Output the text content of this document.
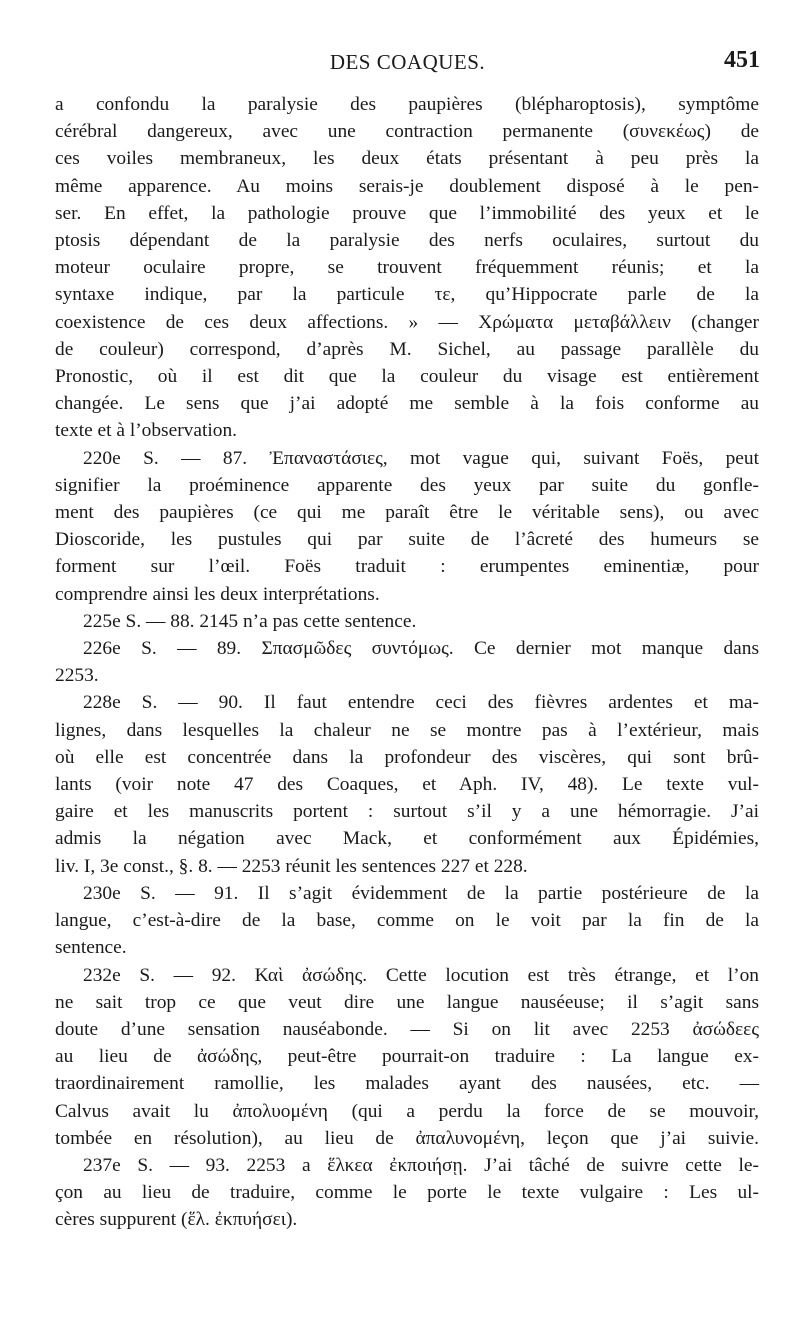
DES COAQUES.	451
a confondu la paralysie des paupières (blépharoptosis), symptôme
cérébral dangereux, avec une contraction permanente (συνεκέως) de
ces voiles membraneux, les deux états présentant à peu près la
même apparence. Au moins serais-je doublement disposé à le pen-
ser. En effet, la pathologie prouve que l’immobilité des yeux et le
ptosis dépendant de la paralysie des nerfs oculaires, surtout du
moteur oculaire propre, se trouvent fréquemment réunis; et la
syntaxe indique, par la particule τε, qu’Hippocrate parle de la
coexistence de ces deux affections. » — Χρώματα μεταβάλλειν (changer
de couleur) correspond, d’après M. Sichel, au passage parallèle du
Pronostic, où il est dit que la couleur du visage est entièrement
changée. Le sens que j’ai adopté me semble à la fois conforme au
texte et à l’observation.
220e S. — 87. Ἐπαναστάσιες, mot vague qui, suivant Foës, peut
signifier la proéminence apparente des yeux par suite du gonfle-
ment des paupières (ce qui me paraît être le véritable sens), ou avec
Dioscoride, les pustules qui par suite de l’âcreté des humeurs se
forment sur l’œil. Foës traduit : erumpentes eminentiæ, pour
comprendre ainsi les deux interprétations.
225e S. — 88. 2145 n’a pas cette sentence.
226e S. — 89. Σπασμῶδες συντόμως. Ce dernier mot manque dans
2253.
228e S. — 90. Il faut entendre ceci des fièvres ardentes et ma-
lignes, dans lesquelles la chaleur ne se montre pas à l’extérieur, mais
où elle est concentrée dans la profondeur des viscères, qui sont brû-
lants (voir note 47 des Coaques, et Aph. IV, 48). Le texte vul-
gaire et les manuscrits portent : surtout s’il y a une hémorragie. J’ai
admis la négation avec Mack, et conformément aux Épidémies,
liv. I, 3e const., §. 8. — 2253 réunit les sentences 227 et 228.
230e S. — 91. Il s’agit évidemment de la partie postérieure de la
langue, c’est-à-dire de la base, comme on le voit par la fin de la
sentence.
232e S. — 92. Καὶ ἀσώδης. Cette locution est très étrange, et l’on
ne sait trop ce que veut dire une langue nauséeuse; il s’agit sans
doute d’une sensation nauséabonde. — Si on lit avec 2253 ἀσώδεες
au lieu de ἀσώδης, peut-être pourrait-on traduire : La langue ex-
traordinairement ramollie, les malades ayant des nausées, etc. —
Calvus avait lu ἀπολυομένη (qui a perdu la force de se mouvoir,
tombée en résolution), au lieu de ἀπαλυνομένη, leçon que j’ai suivie.
237e S. — 93. 2253 a ἕλκεα ἐκποιήσῃ. J’ai tâché de suivre cette le-
çon au lieu de traduire, comme le porte le texte vulgaire : Les ul-
cères suppurent (ἕλ. ἐκπυήσει).
